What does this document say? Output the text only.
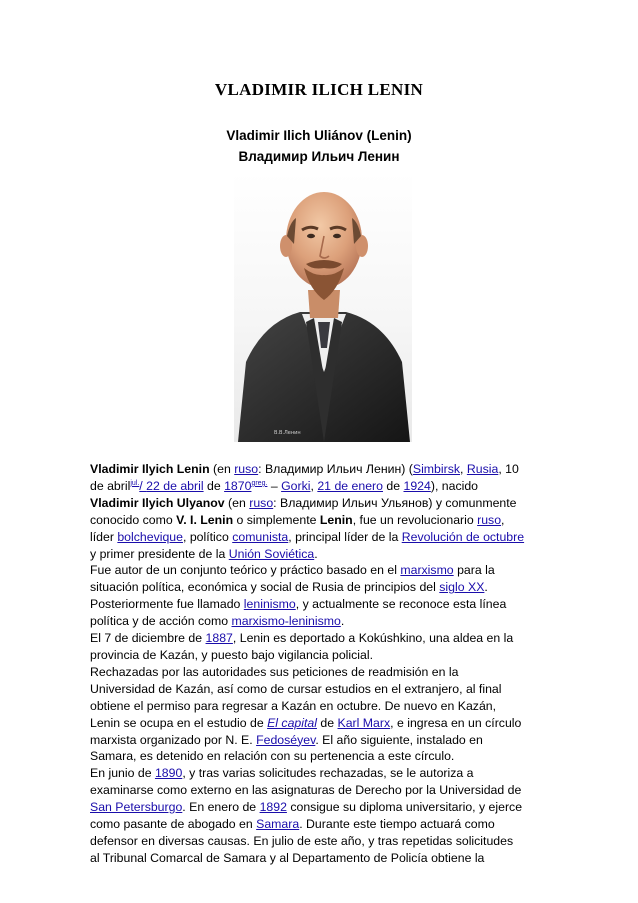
VLADIMIR ILICH LENIN
Vladimir Ilich Uliánov (Lenin)
Владимир Ильич Ленин
В.В.Ленин

Vladimir Ilyich Lenin (en ruso: Владимир Ильич Ленин) (Simbirsk, Rusia, 10
de abril$^{jul.}$/ 22 de abril de 1870$^{greg.}$ – Gorki, 21 de enero de 1924), nacido
Vladimir Ilyich Ulyanov (en ruso: Владимир Ильич Ульянов) y comunmente
conocido como V. I. Lenin o simplemente Lenin, fue un revolucionario ruso,
líder bolchevique, político comunista, principal líder de la Revolución de octubre
y primer presidente de la Unión Soviética.

Fue autor de un conjunto teórico y práctico basado en el marxismo para la
situación política, económica y social de Rusia de principios del siglo XX.
Posteriormente fue llamado leninismo, y actualmente se reconoce esta línea
política y de acción como marxismo-leninismo.

El 7 de diciembre de 1887, Lenin es deportado a Kokúshkino, una aldea en la
provincia de Kazán, y puesto bajo vigilancia policial.

Rechazadas por las autoridades sus peticiones de readmisión en la
Universidad de Kazán, así como de cursar estudios en el extranjero, al final
obtiene el permiso para regresar a Kazán en octubre. De nuevo en Kazán,
Lenin se ocupa en el estudio de El capital de Karl Marx, e ingresa en un círculo
marxista organizado por N. E. Fedoséyev. El año siguiente, instalado en
Samara, es detenido en relación con su pertenencia a este círculo.

En junio de 1890, y tras varias solicitudes rechazadas, se le autoriza a
examinarse como externo en las asignaturas de Derecho por la Universidad de
San Petersburgo. En enero de 1892 consigue su diploma universitario, y ejerce
como pasante de abogado en Samara. Durante este tiempo actuará como
defensor en diversas causas. En julio de este año, y tras repetidas solicitudes
al Tribunal Comarcal de Samara y al Departamento de Policía obtiene la
